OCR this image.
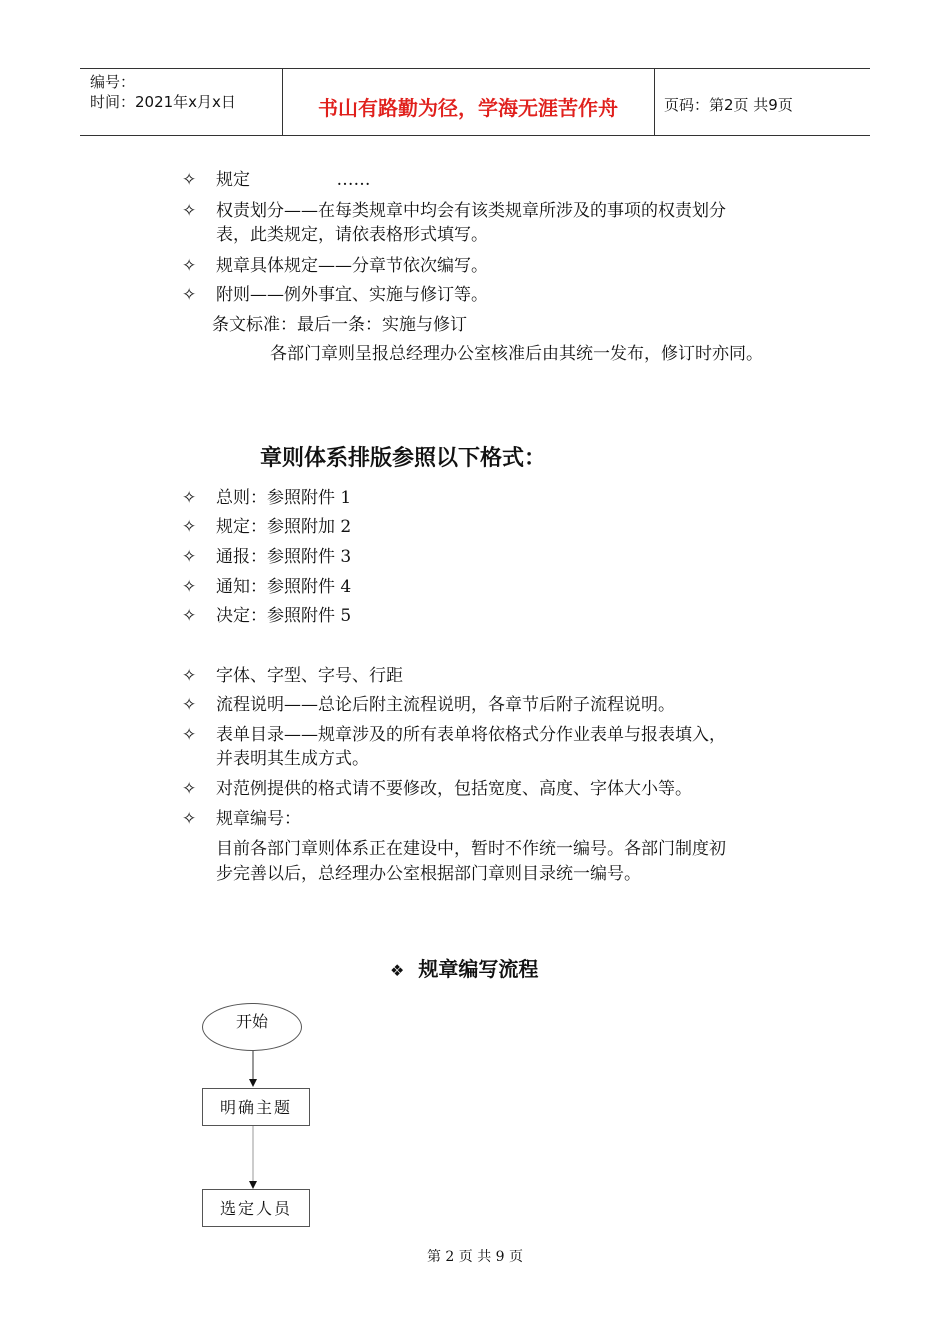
编号：
时间：2021年x月x日	书山有路勤为径，学海无涯苦作舟	页码：第2页 共9页
✧	规定                ……
✧	权责划分——在每类规章中均会有该类规章所涉及的事项的权责划分
表，此类规定，请依表格形式填写。
✧	规章具体规定——分章节依次编写。
✧	附则——例外事宜、实施与修订等。
条文标准：最后一条：实施与修订
各部门章则呈报总经理办公室核准后由其统一发布，修订时亦同。
章则体系排版参照以下格式：
✧	总则：参照附件 1
✧	规定：参照附加 2
✧	通报：参照附件 3
✧	通知：参照附件 4
✧	决定：参照附件 5
✧	字体、字型、字号、行距
✧	流程说明——总论后附主流程说明，各章节后附子流程说明。
✧	表单目录——规章涉及的所有表单将依格式分作业表单与报表填入，
并表明其生成方式。
✧	对范例提供的格式请不要修改，包括宽度、高度、字体大小等。
✧	规章编号：
目前各部门章则体系正在建设中，暂时不作统一编号。各部门制度初
步完善以后，总经理办公室根据部门章则目录统一编号。
❖ 规章编写流程
开始
明确主题
选定人员
第 2 页 共 9 页
